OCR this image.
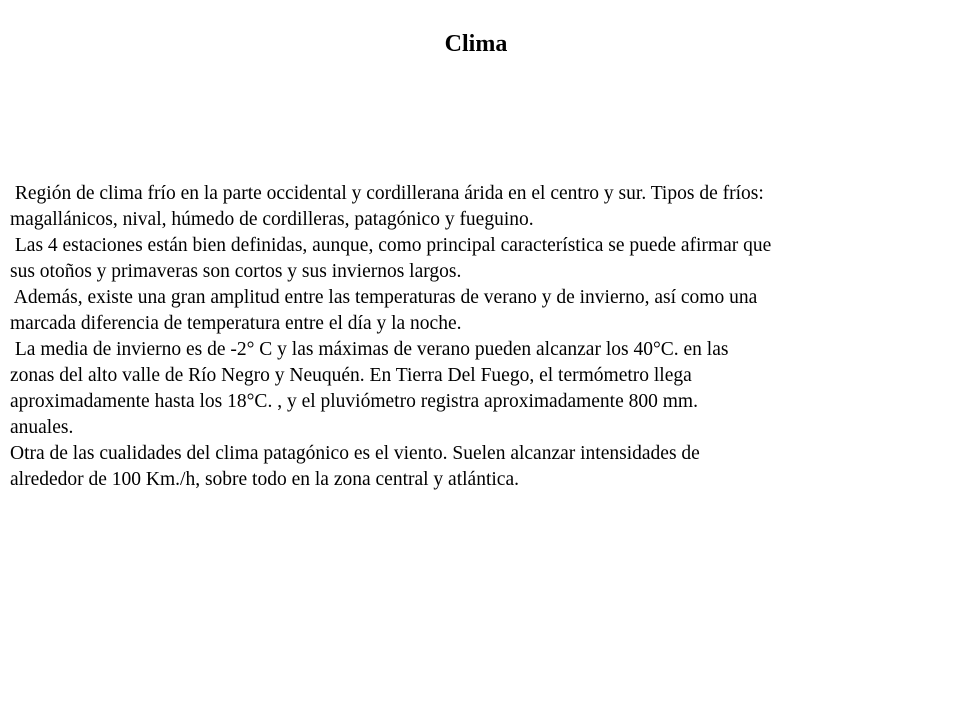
Clima
Región de clima frío en la parte occidental y cordillerana árida en el centro y sur. Tipos de fríos:
magallánicos, nival, húmedo de cordilleras, patagónico y fueguino.
Las 4 estaciones están bien definidas, aunque, como principal característica se puede afirmar que
sus otoños y primaveras son cortos y sus inviernos largos.
Además, existe una gran amplitud entre las temperaturas de verano y de invierno, así como una
marcada diferencia de temperatura entre el día y la noche.
La media de invierno es de -2° C y las máximas de verano pueden alcanzar los 40°C. en las
zonas del alto valle de Río Negro y Neuquén. En Tierra Del Fuego, el termómetro llega
aproximadamente hasta los 18°C. , y el pluviómetro registra aproximadamente 800 mm.
anuales.
Otra de las cualidades del clima patagónico es el viento. Suelen alcanzar intensidades de
alrededor de 100 Km./h, sobre todo en la zona central y atlántica.
